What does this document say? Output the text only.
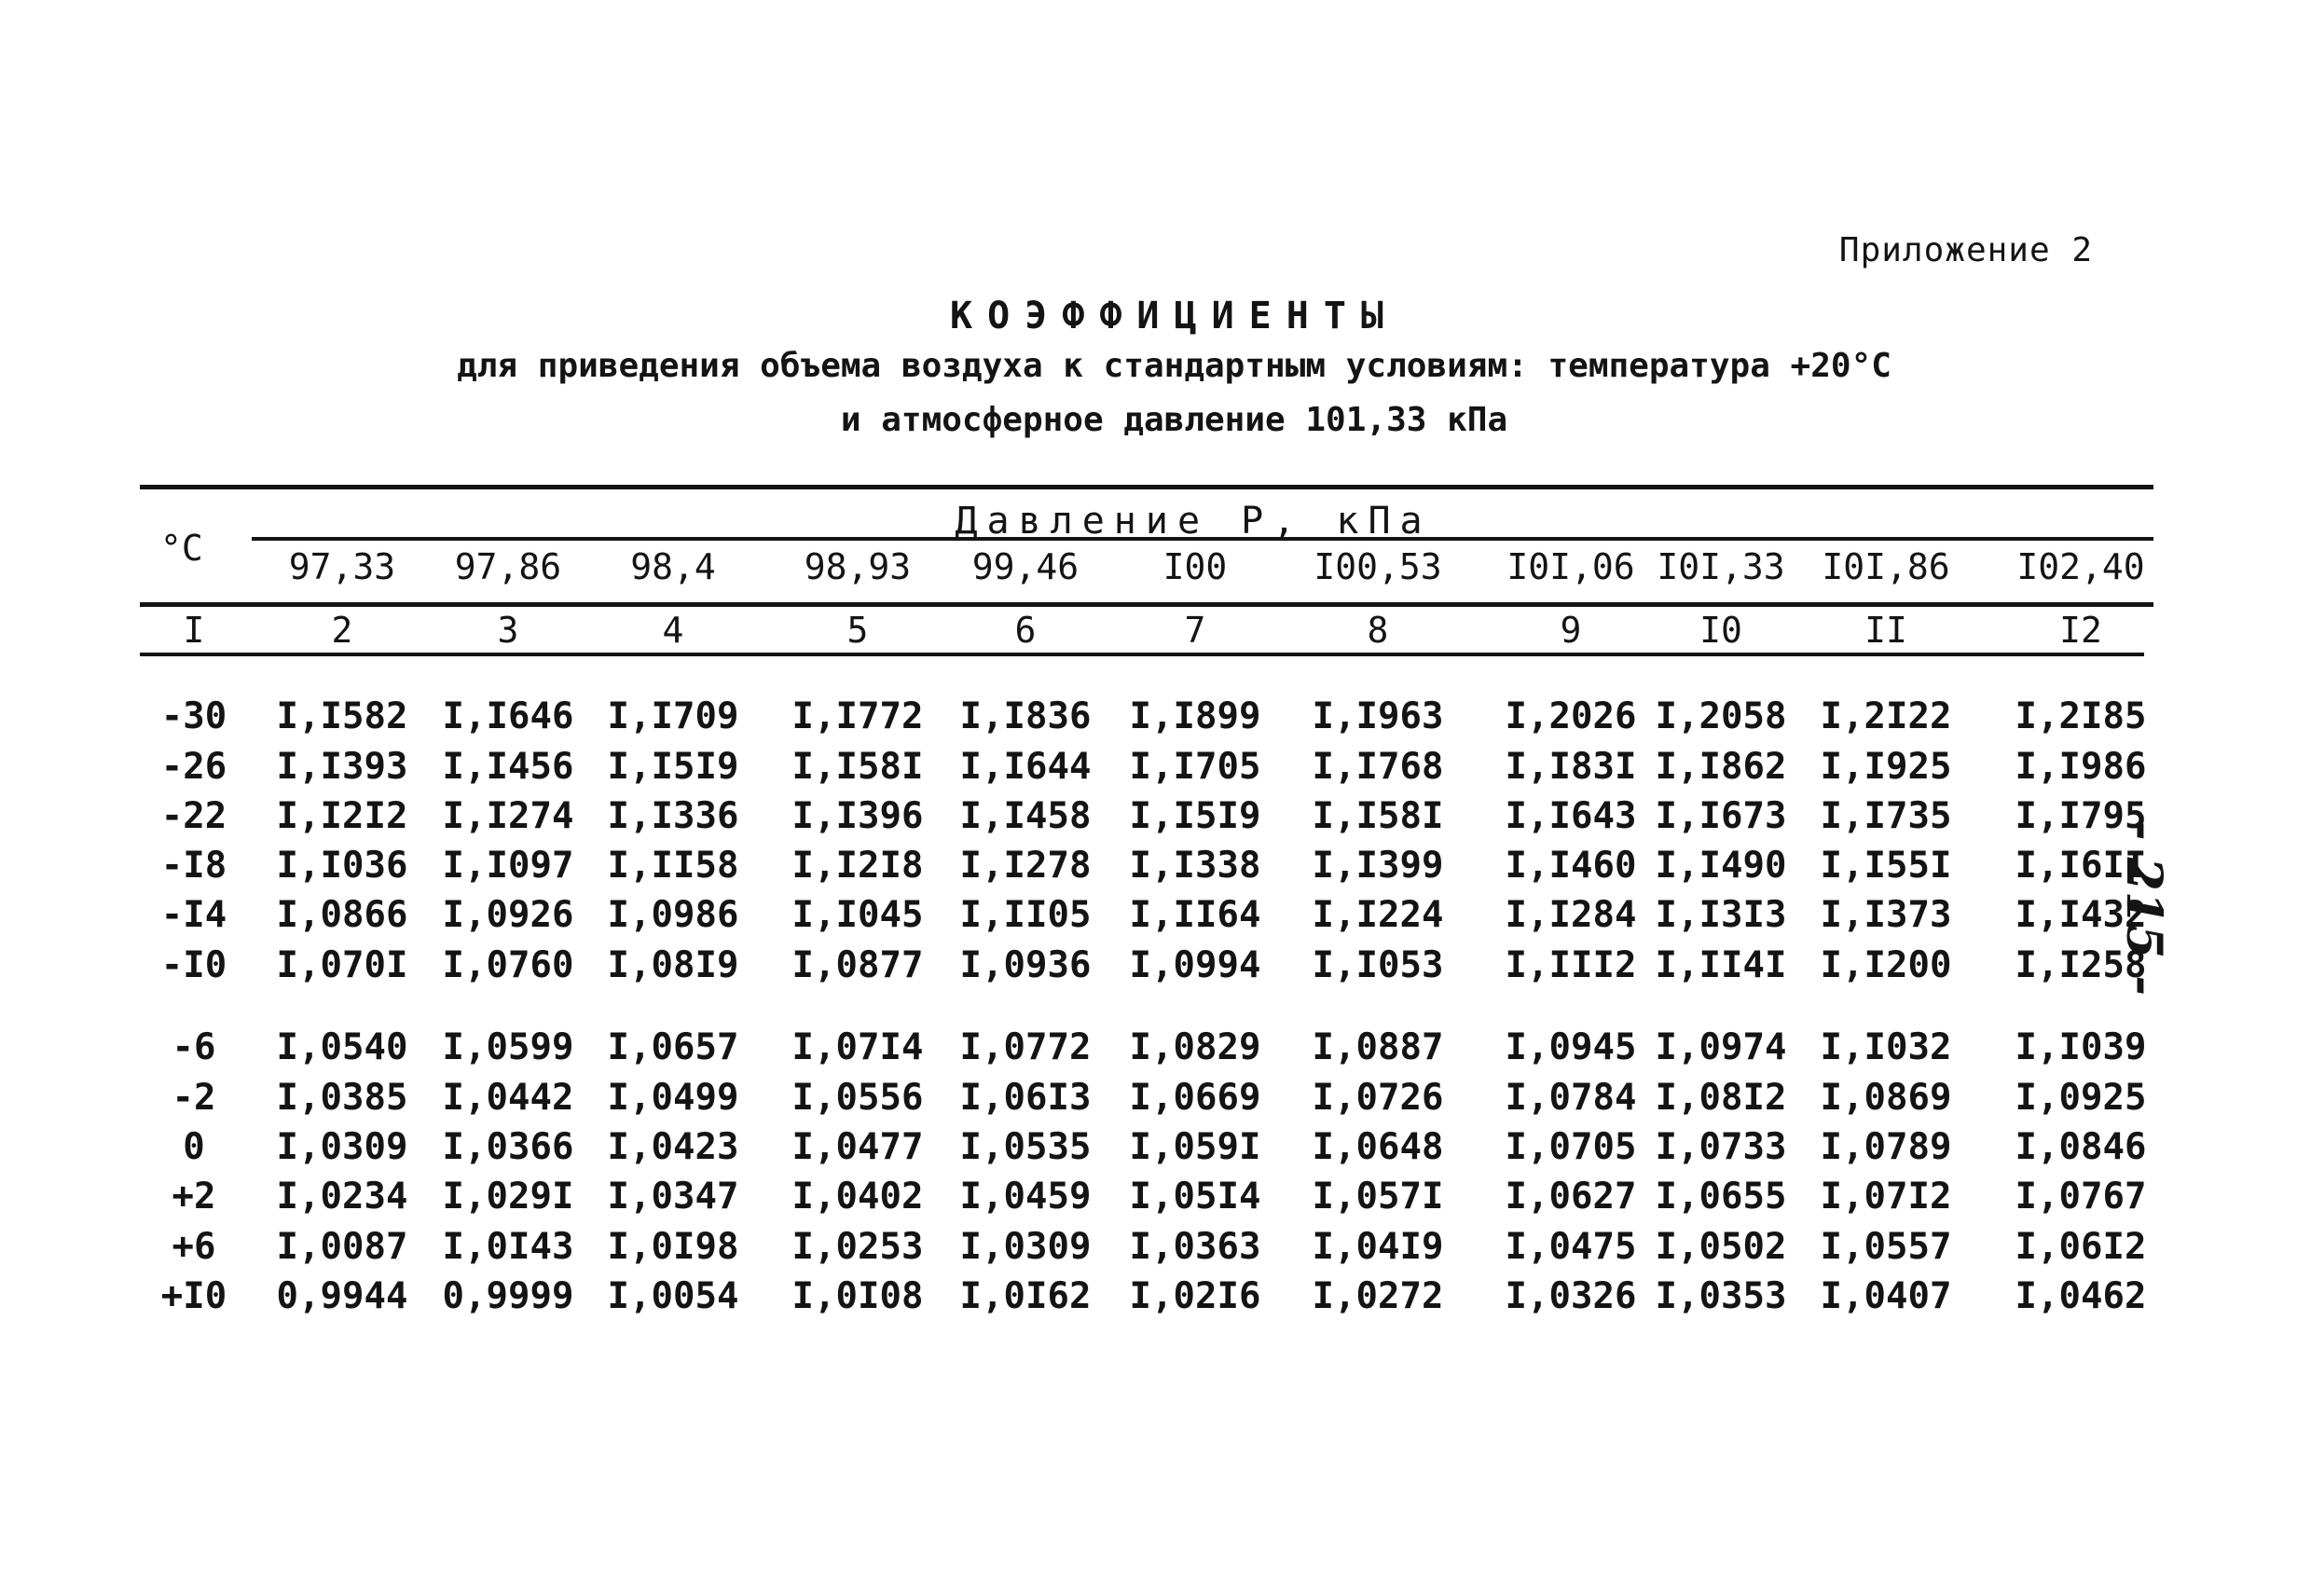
Приложение 2
КОЭФФИЦИЕНТЫ
для приведения объема воздуха к стандартным условиям: температура +20°C
и атмосферное давление 101,33 кПа
°C
Давление Р, кПа
97,33	97,86	98,4	98,93	99,46	I00	I00,53	I0I,06 I0I,33	I0I,86	I02,40
I	2	3	4	5	6	7	8	9	I0	II	I2
-30	I,I582 I,I646 I,I709	I,I772	I,I836	I,I899	I,I963	I,2026 I,2058 I,2I22	I,2I85
-26	I,I393 I,I456 I,I5I9	I,I58I	I,I644	I,I705	I,I768	I,I83I I,I862 I,I925	I,I986
-22	I,I2I2 I,I274 I,I336	I,I396	I,I458	I,I5I9	I,I58I	I,I643 I,I673 I,I735	I,I795
-I8	I,I036 I,I097 I,II58	I,I2I8	I,I278	I,I338	I,I399	I,I460 I,I490 I,I55I	I,I6II
-I4	I,0866 I,0926 I,0986	I,I045	I,II05	I,II64	I,I224	I,I284 I,I3I3 I,I373	I,I432
-I0	I,070I I,0760 I,08I9	I,0877	I,0936	I,0994	I,I053	I,III2 I,II4I I,I200	I,I258
-6	I,0540 I,0599 I,0657	I,07I4	I,0772	I,0829	I,0887	I,0945 I,0974 I,I032	I,I039
-2	I,0385 I,0442 I,0499	I,0556	I,06I3	I,0669	I,0726	I,0784 I,08I2 I,0869	I,0925
0	I,0309 I,0366 I,0423	I,0477	I,0535	I,059I	I,0648	I,0705 I,0733 I,0789	I,0846
+2	I,0234 I,029I I,0347	I,0402	I,0459	I,05I4	I,057I	I,0627 I,0655 I,07I2	I,0767
+6	I,0087 I,0I43 I,0I98	I,0253	I,0309	I,0363	I,04I9	I,0475 I,0502 I,0557	I,06I2
+I0	0,9944 0,9999 I,0054	I,0I08	I,0I62	I,02I6	I,0272	I,0326 I,0353 I,0407	I,0462
- 215 -
